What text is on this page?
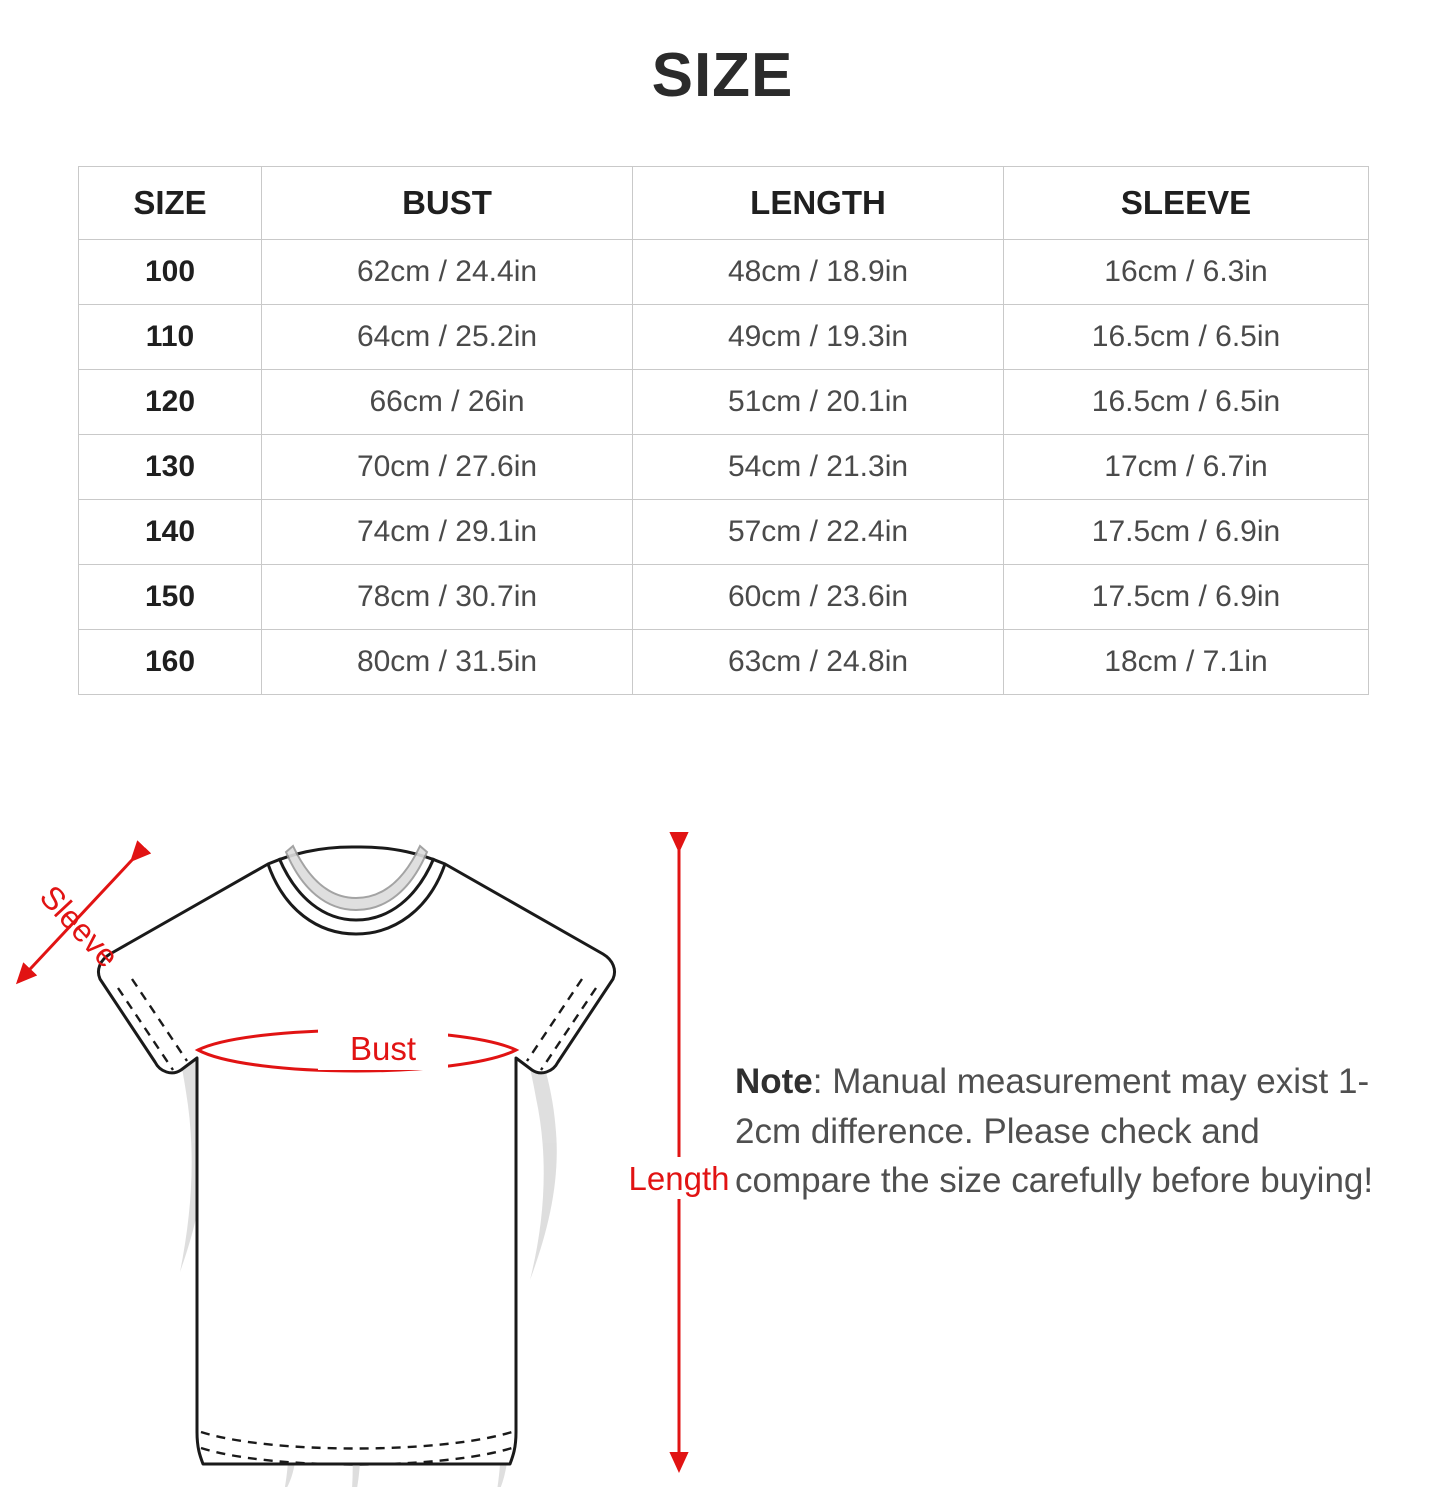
SIZE
SIZE	BUST	LENGTH	SLEEVE
100	62cm / 24.4in	48cm / 18.9in	16cm / 6.3in
110	64cm / 25.2in	49cm / 19.3in	16.5cm / 6.5in
120	66cm / 26in	51cm / 20.1in	16.5cm / 6.5in
130	70cm / 27.6in	54cm / 21.3in	17cm / 6.7in
140	74cm / 29.1in	57cm / 22.4in	17.5cm / 6.9in
150	78cm / 30.7in	60cm / 23.6in	17.5cm / 6.9in
160	80cm / 31.5in	63cm / 24.8in	18cm / 7.1in
Sleeve
Bust
Length
Note: Manual measurement may exist 1-2cm difference. Please check and compare the size carefully before buying!
